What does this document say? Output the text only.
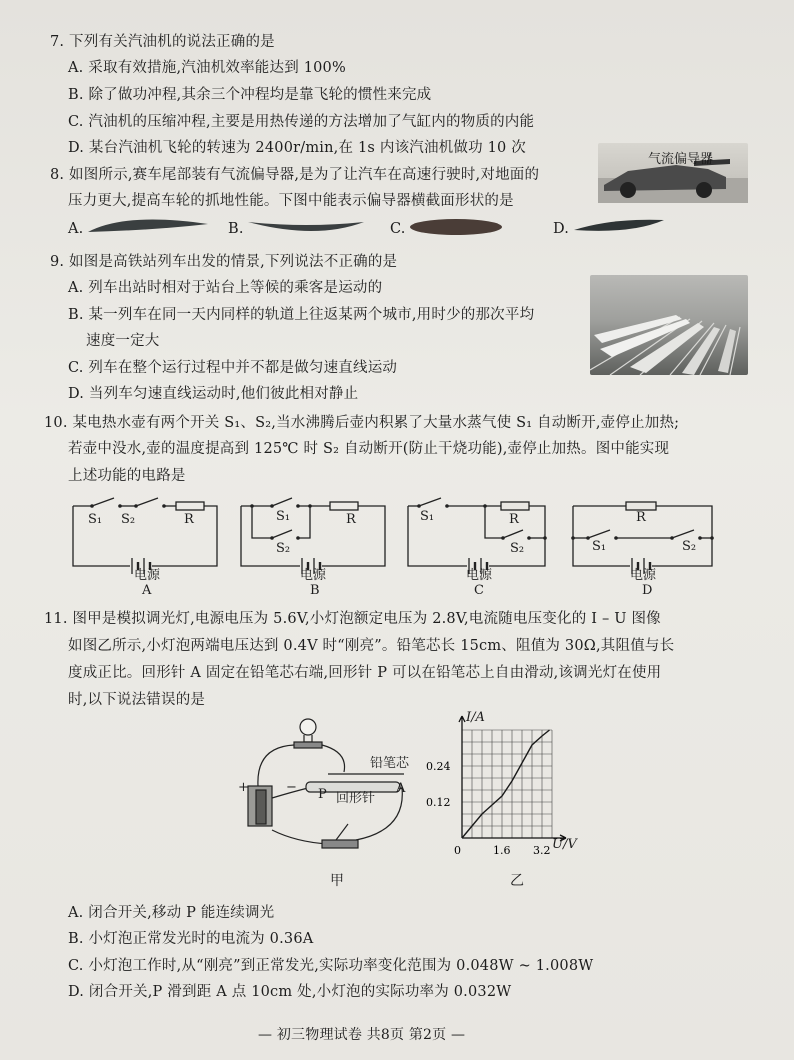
7. 下列有关汽油机的说法正确的是
A. 采取有效措施,汽油机效率能达到 100%
B. 除了做功冲程,其余三个冲程均是靠飞轮的惯性来完成
C. 汽油机的压缩冲程,主要是用热传递的方法增加了气缸内的物质的内能
D. 某台汽油机飞轮的转速为 2400r/min,在 1s 内该汽油机做功 10 次
8. 如图所示,赛车尾部装有气流偏导器,是为了让汽车在高速行驶时,对地面的
压力更大,提高车轮的抓地性能。下图中能表示偏导器横截面形状的是
气流偏导器
A.	B.	C.	D.
9. 如图是高铁站列车出发的情景,下列说法不正确的是
A. 列车出站时相对于站台上等候的乘客是运动的
B. 某一列车在同一天内同样的轨道上往返某两个城市,用时少的那次平均
速度一定大
C. 列车在整个运行过程中并不都是做匀速直线运动
D. 当列车匀速直线运动时,他们彼此相对静止
10. 某电热水壶有两个开关 S₁、S₂,当水沸腾后壶内积累了大量水蒸气使 S₁ 自动断开,壶停止加热;
若壶中没水,壶的温度提高到 125℃ 时 S₂ 自动断开(防止干烧功能),壶停止加热。图中能实现
上述功能的电路是
S₁ S₂	R
电源
A
S₁
S₂
R
电源
B
S₁	R
S₂
电源
C
R
S₁	S₂
电源
D
11. 图甲是模拟调光灯,电源电压为 5.6V,小灯泡额定电压为 2.8V,电流随电压变化的 I – U 图像
如图乙所示,小灯泡两端电压达到 0.4V 时“刚亮”。铅笔芯长 15cm、阻值为 30Ω,其阻值与长
度成正比。回形针 A 固定在铅笔芯右端,回形针 P 可以在铅笔芯上自由滑动,该调光灯在使用
时,以下说法错误的是
铅笔芯
P 回形针
A
+	−
甲
0	1.6 3.2
0.12
0.24
I/A
U/V
乙
A. 闭合开关,移动 P 能连续调光
B. 小灯泡正常发光时的电流为 0.36A
C. 小灯泡工作时,从“刚亮”到正常发光,实际功率变化范围为 0.048W ~ 1.008W
D. 闭合开关,P 滑到距 A 点 10cm 处,小灯泡的实际功率为 0.032W
— 初三物理试卷 共8页 第2页 —
